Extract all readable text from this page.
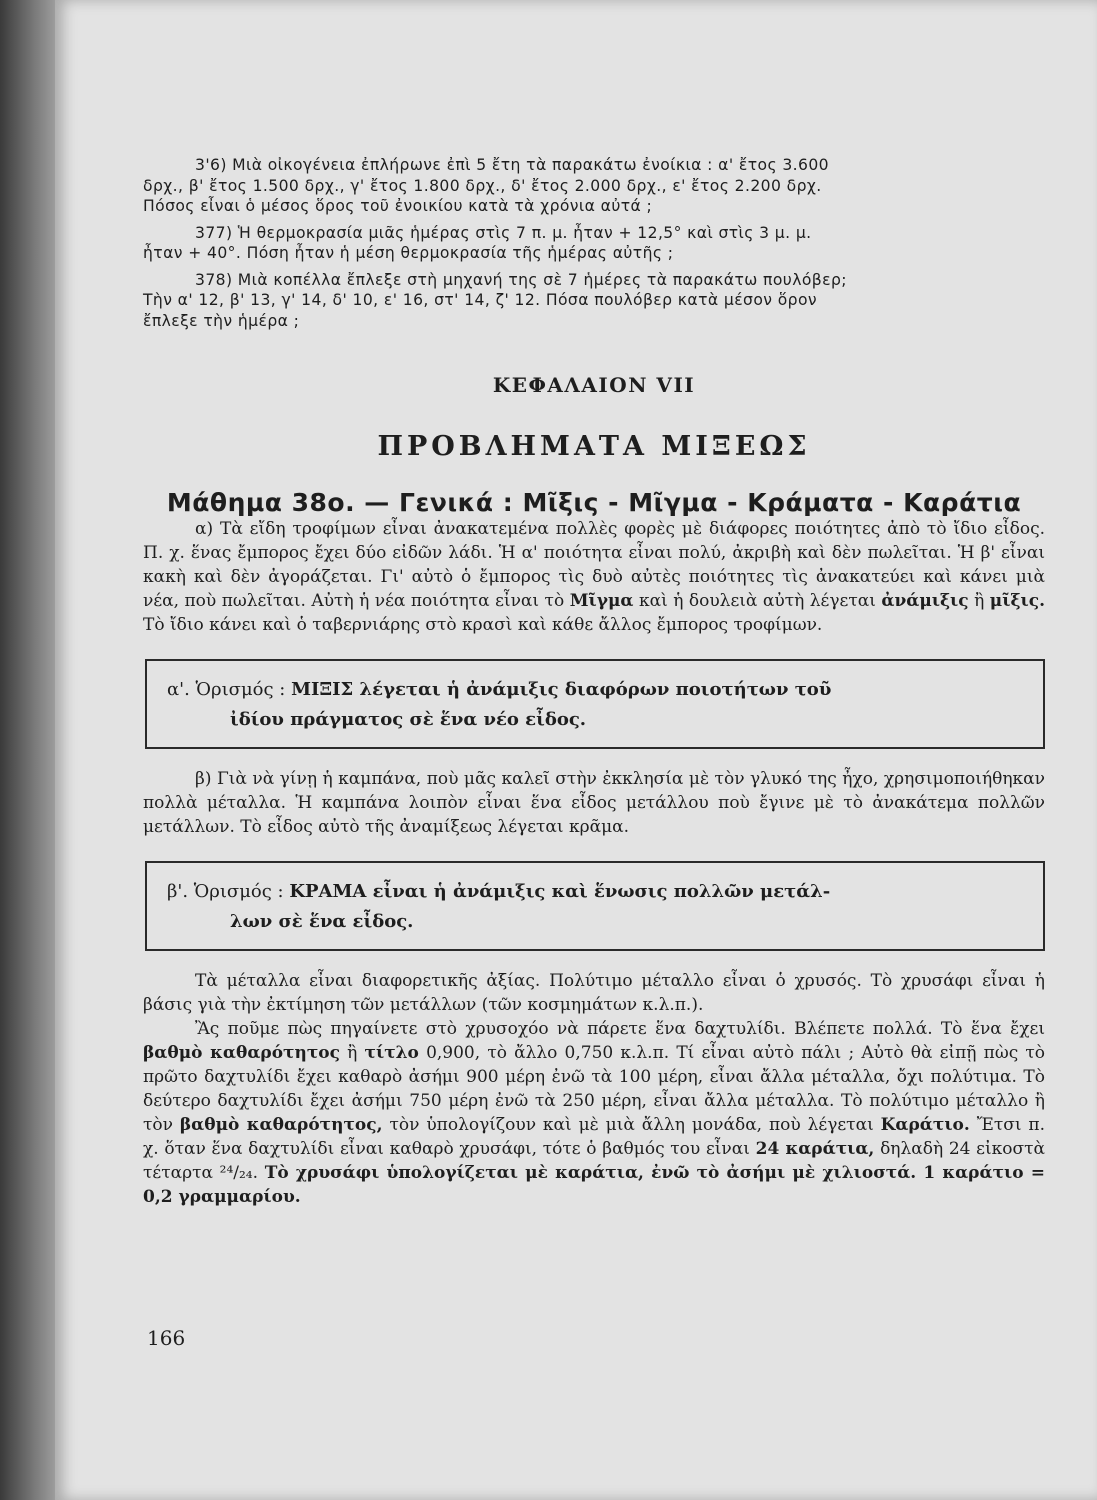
3'6) Μιὰ οἰκογένεια ἐπλήρωνε ἐπὶ 5 ἔτη τὰ παρακάτω ἐνοίκια : α' ἔτος 3.600

δρχ., β' ἔτος 1.500 δρχ., γ' ἔτος 1.800 δρχ., δ' ἔτος 2.000 δρχ., ε' ἔτος 2.200 δρχ.

Πόσος εἶναι ὁ μέσος ὅρος τοῦ ἐνοικίου κατὰ τὰ χρόνια αὐτά ;

377) Ἡ θερμοκρασία μιᾶς ἡμέρας στὶς 7 π. μ. ἦταν + 12,5° καὶ στὶς 3 μ. μ.

ἦταν + 40°. Πόση ἦταν ἡ μέση θερμοκρασία τῆς ἡμέρας αὐτῆς ;

378) Μιὰ κοπέλλα ἔπλεξε στὴ μηχανή της σὲ 7 ἡμέρες τὰ παρακάτω πουλόβερ;

Τὴν α' 12, β' 13, γ' 14, δ' 10, ε' 16, στ' 14, ζ' 12. Πόσα πουλόβερ κατὰ μέσον ὅρον

ἔπλεξε τὴν ἡμέρα ;

ΚΕΦΑΛΑΙΟΝ VII
ΠΡΟΒΛΗΜΑΤΑ ΜΙΞΕΩΣ
Μάθημα 38ο. — Γενικά : Μῖξις - Μῖγμα - Κράματα - Καράτια

α) Τὰ εἴδη τροφίμων εἶναι ἀνακατεμένα πολλὲς φορὲς μὲ διάφορες ποιότητες ἀπὸ τὸ ἴδιο εἶδος. Π. χ. ἕνας ἔμπορος ἔχει δύο εἰδῶν λάδι. Ἡ α' ποιότητα εἶναι πολύ, ἀκριβὴ καὶ δὲν πωλεῖται. Ἡ β' εἶναι κακὴ καὶ δὲν ἀγοράζεται. Γι' αὐτὸ ὁ ἔμπορος τὶς δυὸ αὐτὲς ποιότητες τὶς ἀνακατεύει καὶ κάνει μιὰ νέα, ποὺ πωλεῖται. Αὐτὴ ἡ νέα ποιότητα εἶναι τὸ Μῖγμα καὶ ἡ δουλειὰ αὐτὴ λέγεται ἀνάμιξις ἢ μῖξις. Τὸ ἴδιο κάνει καὶ ὁ ταβερνιάρης στὸ κρασὶ καὶ κάθε ἄλλος ἔμπορος τροφίμων.

α'. Ὁρισμός : ΜΙΞΙΣ λέγεται ἡ ἀνάμιξις διαφόρων ποιοτήτων τοῦ
ἰδίου πράγματος σὲ ἕνα νέο εἶδος.

β) Γιὰ νὰ γίνῃ ἡ καμπάνα, ποὺ μᾶς καλεῖ στὴν ἐκκλησία μὲ τὸν γλυκό της ἦχο, χρησιμοποιήθηκαν πολλὰ μέταλλα. Ἡ καμπάνα λοιπὸν εἶναι ἕνα εἶδος μετάλλου ποὺ ἔγινε μὲ τὸ ἀνακάτεμα πολλῶν μετάλλων. Τὸ εἶδος αὐτὸ τῆς ἀναμίξεως λέγεται κρᾶμα.

β'. Ὁρισμός : ΚΡΑΜΑ εἶναι ἡ ἀνάμιξις καὶ ἕνωσις πολλῶν μετάλ-
λων σὲ ἕνα εἶδος.

Τὰ μέταλλα εἶναι διαφορετικῆς ἀξίας. Πολύτιμο μέταλλο εἶναι ὁ χρυσός. Τὸ χρυσάφι εἶναι ἡ βάσις γιὰ τὴν ἐκτίμηση τῶν μετάλλων (τῶν κοσμημάτων κ.λ.π.).

Ἂς ποῦμε πὼς πηγαίνετε στὸ χρυσοχόο νὰ πάρετε ἕνα δαχτυλίδι. Βλέπετε πολλά. Τὸ ἕνα ἔχει βαθμὸ καθαρότητος ἢ τίτλο 0,900, τὸ ἄλλο 0,750 κ.λ.π. Τί εἶναι αὐτὸ πάλι ; Αὐτὸ θὰ εἰπῇ πὼς τὸ πρῶτο δαχτυλίδι ἔχει καθαρὸ ἀσήμι 900 μέρη ἐνῶ τὰ 100 μέρη, εἶναι ἄλλα μέταλλα, ὄχι πολύτιμα. Τὸ δεύτερο δαχτυλίδι ἔχει ἀσήμι 750 μέρη ἐνῶ τὰ 250 μέρη, εἶναι ἄλλα μέταλλα. Τὸ πολύτιμο μέταλλο ἢ τὸν βαθμὸ καθαρότητος, τὸν ὑπολογίζουν καὶ μὲ μιὰ ἄλλη μονάδα, ποὺ λέγεται Καράτιο. Ἔτσι π. χ. ὅταν ἕνα δαχτυλίδι εἶναι καθαρὸ χρυσάφι, τότε ὁ βαθμός του εἶναι 24 καράτια, δηλαδὴ 24 εἰκοστὰ τέταρτα ²⁴/₂₄. Τὸ χρυσάφι ὑπολογίζεται μὲ καράτια, ἐνῶ τὸ ἀσήμι μὲ χιλιοστά. 1 καράτιο = 0,2 γραμμαρίου.

166
